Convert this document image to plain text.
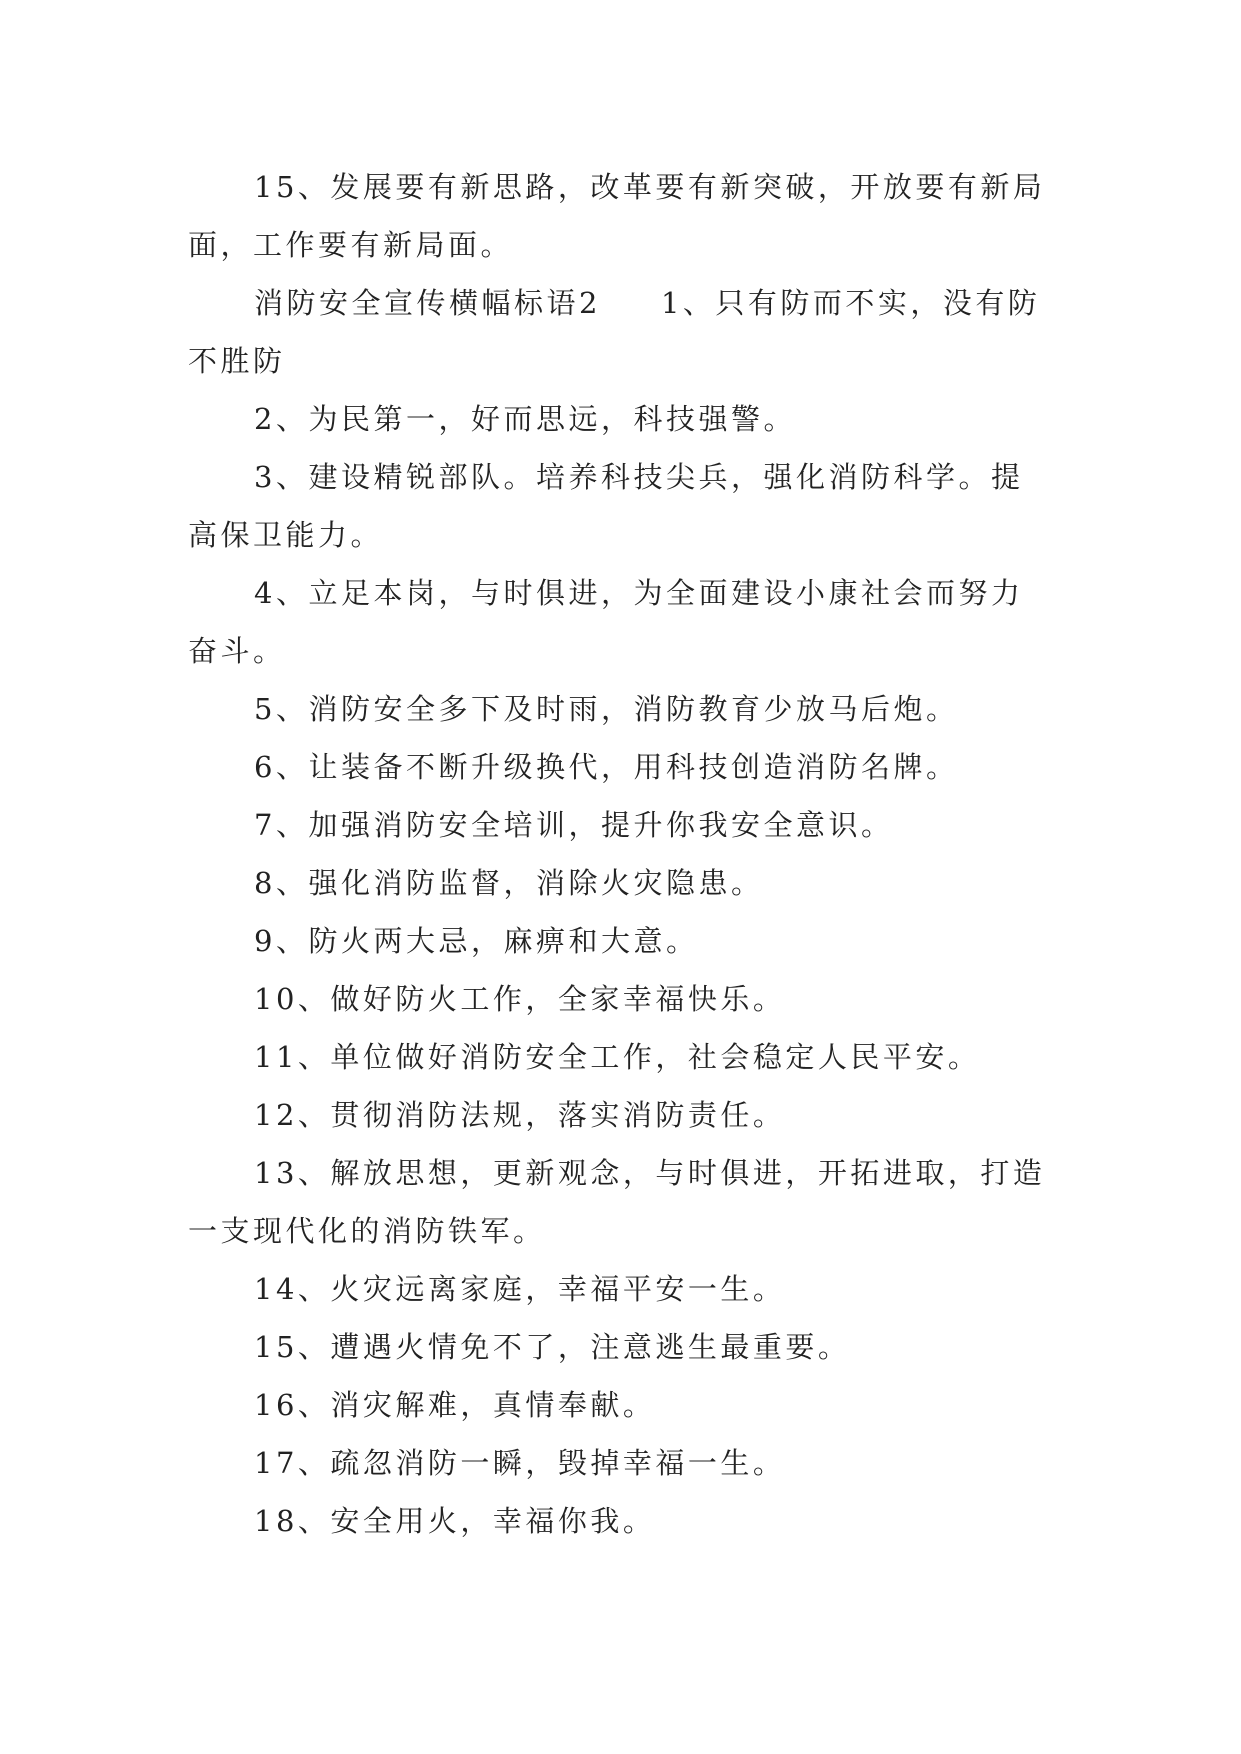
15、发展要有新思路，改革要有新突破，开放要有新局面，工作要有新局面。

消防安全宣传横幅标语2 1、只有防而不实，没有防不胜防

2、为民第一，好而思远，科技强警。

3、建设精锐部队。培养科技尖兵，强化消防科学。提高保卫能力。

4、立足本岗，与时俱进，为全面建设小康社会而努力奋斗。

5、消防安全多下及时雨，消防教育少放马后炮。

6、让装备不断升级换代，用科技创造消防名牌。

7、加强消防安全培训，提升你我安全意识。

8、强化消防监督，消除火灾隐患。

9、防火两大忌，麻痹和大意。

10、做好防火工作，全家幸福快乐。

11、单位做好消防安全工作，社会稳定人民平安。

12、贯彻消防法规，落实消防责任。

13、解放思想，更新观念，与时俱进，开拓进取，打造一支现代化的消防铁军。

14、火灾远离家庭，幸福平安一生。

15、遭遇火情免不了，注意逃生最重要。

16、消灾解难，真情奉献。

17、疏忽消防一瞬，毁掉幸福一生。

18、安全用火，幸福你我。
